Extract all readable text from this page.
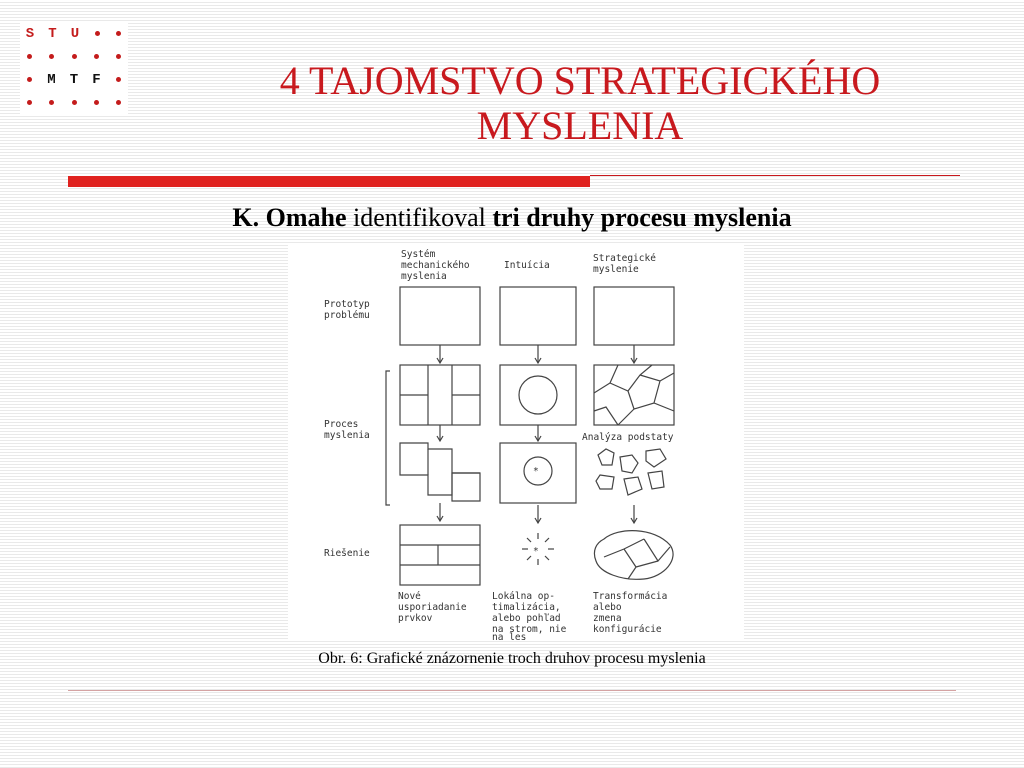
S T U
M T F	4 TAJOMSTVO STRATEGICKÉHO
MYSLENIA
K. Omahe identifikoval tri druhy procesu myslenia
*
*
Systém
mechanického
myslenia
Intuícia
Strategické
myslenie
Prototyp
problému
Proces
myslenia
Riešenie
Analýza podstaty
Nové
usporiadanie
prvkov
Lokálna op-
timalizácia,
alebo pohľad
na strom, nie
na les
Transformácia
alebo
zmena
konfigurácie
Obr. 6: Grafické znázornenie troch druhov procesu myslenia
